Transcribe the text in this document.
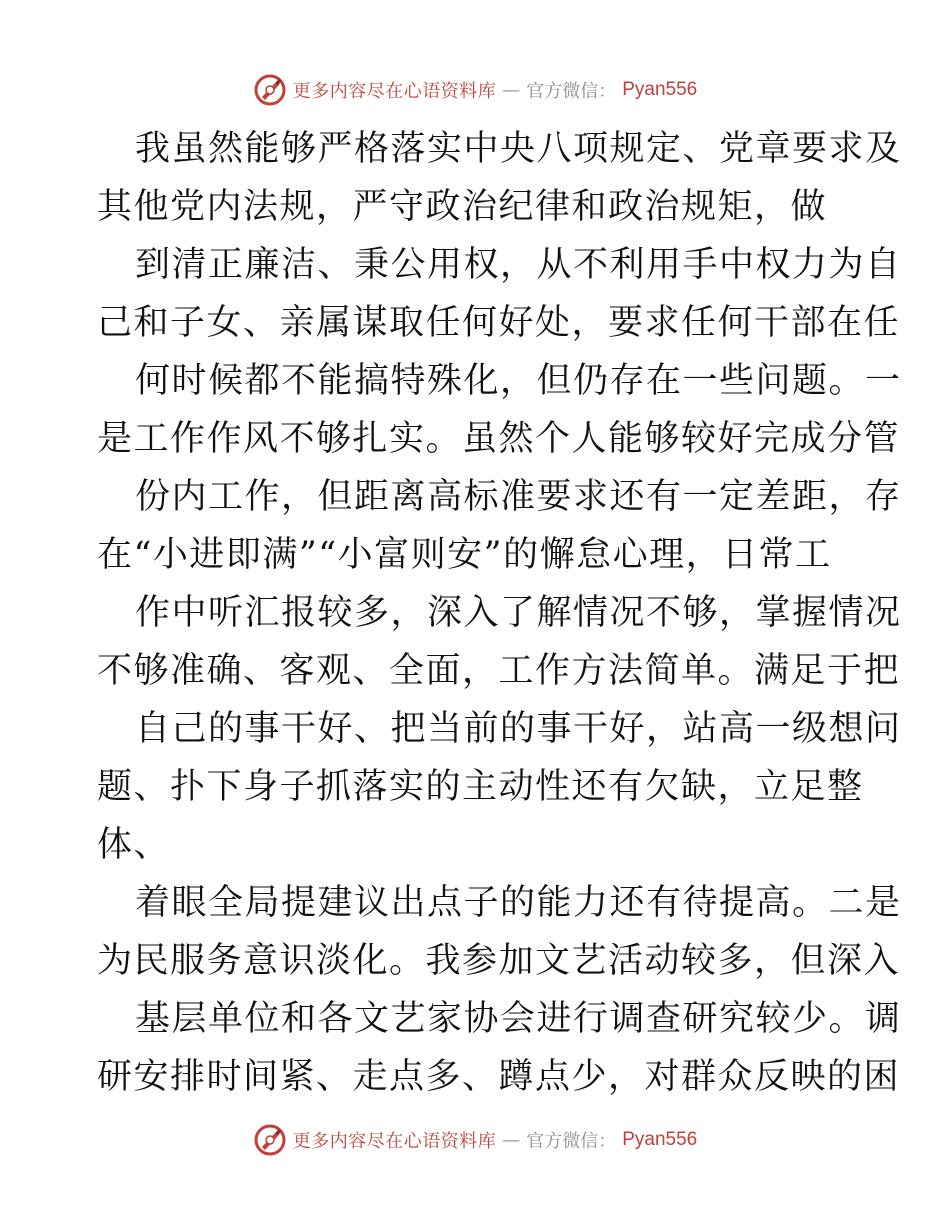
更多内容尽在心语资料库 — 官方微信： Pyan556
我虽然能够严格落实中央八项规定、党章要求及
其他党内法规，严守政治纪律和政治规矩，做
到清正廉洁、秉公用权，从不利用手中权力为自
己和子女、亲属谋取任何好处，要求任何干部在任
何时候都不能搞特殊化，但仍存在一些问题。一
是工作作风不够扎实。虽然个人能够较好完成分管
份内工作，但距离高标准要求还有一定差距，存
在“小进即满”“小富则安”的懈怠心理，日常工
作中听汇报较多，深入了解情况不够，掌握情况
不够准确、客观、全面，工作方法简单。满足于把
自己的事干好、把当前的事干好，站高一级想问
题、扑下身子抓落实的主动性还有欠缺，立足整
体、
着眼全局提建议出点子的能力还有待提高。二是
为民服务意识淡化。我参加文艺活动较多，但深入
基层单位和各文艺家协会进行调查研究较少。调
研安排时间紧、走点多、蹲点少，对群众反映的困
更多内容尽在心语资料库 — 官方微信： Pyan556
